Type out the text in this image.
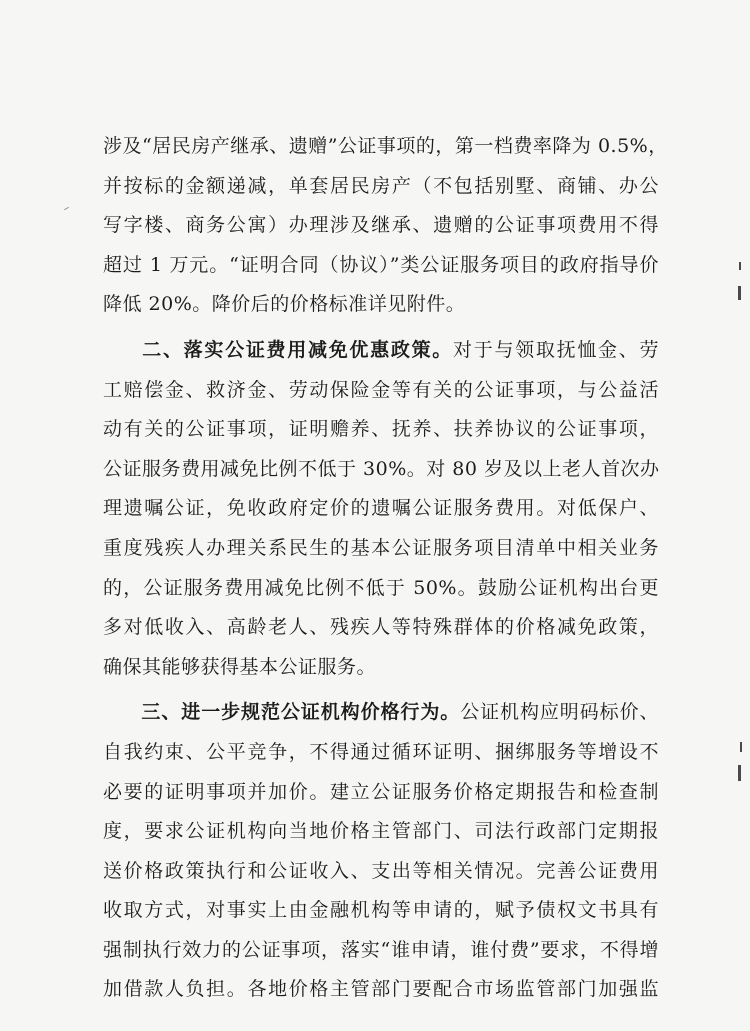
涉及“居民房产继承、遗赠”公证事项的，第一档费率降为 0.5%，
并按标的金额递减，单套居民房产（不包括别墅、商铺、办公
写字楼、商务公寓）办理涉及继承、遗赠的公证事项费用不得
超过 1 万元。“证明合同（协议）”类公证服务项目的政府指导价
降低 20%。降价后的价格标准详见附件。
二、落实公证费用减免优惠政策。对于与领取抚恤金、劳
工赔偿金、救济金、劳动保险金等有关的公证事项，与公益活
动有关的公证事项，证明赡养、抚养、扶养协议的公证事项，
公证服务费用减免比例不低于 30%。对 80 岁及以上老人首次办
理遗嘱公证，免收政府定价的遗嘱公证服务费用。对低保户、
重度残疾人办理关系民生的基本公证服务项目清单中相关业务
的，公证服务费用减免比例不低于 50%。鼓励公证机构出台更
多对低收入、高龄老人、残疾人等特殊群体的价格减免政策，
确保其能够获得基本公证服务。
三、进一步规范公证机构价格行为。公证机构应明码标价、
自我约束、公平竞争，不得通过循环证明、捆绑服务等增设不
必要的证明事项并加价。建立公证服务价格定期报告和检查制
度，要求公证机构向当地价格主管部门、司法行政部门定期报
送价格政策执行和公证收入、支出等相关情况。完善公证费用
收取方式，对事实上由金融机构等申请的，赋予债权文书具有
强制执行效力的公证事项，落实“谁申请，谁付费”要求，不得增
加借款人负担。各地价格主管部门要配合市场监管部门加强监
